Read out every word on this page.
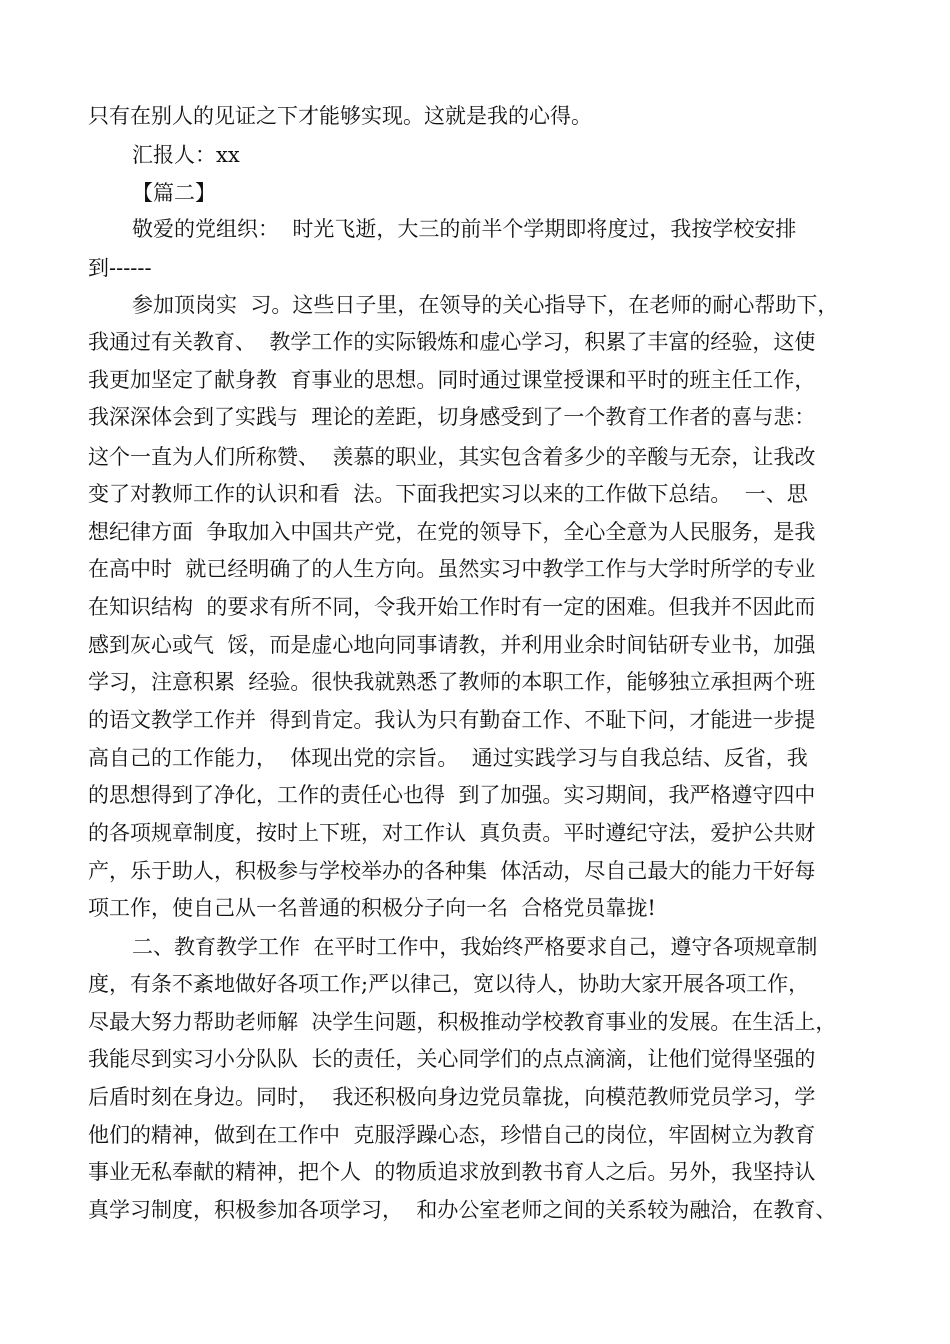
只有在别人的见证之下才能够实现。这就是我的心得。
汇报人：xx
【篇二】
敬爱的党组织：  时光飞逝，大三的前半个学期即将度过，我按学校安排
到------
参加顶岗实  习。这些日子里，在领导的关心指导下，在老师的耐心帮助下，
我通过有关教育、  教学工作的实际锻炼和虚心学习，积累了丰富的经验，这使
我更加坚定了献身教  育事业的思想。同时通过课堂授课和平时的班主任工作，
我深深体会到了实践与  理论的差距，切身感受到了一个教育工作者的喜与悲：
这个一直为人们所称赞、  羡慕的职业，其实包含着多少的辛酸与无奈，让我改
变了对教师工作的认识和看  法。下面我把实习以来的工作做下总结。  一、思
想纪律方面  争取加入中国共产党，在党的领导下，全心全意为人民服务，是我
在高中时  就已经明确了的人生方向。虽然实习中教学工作与大学时所学的专业
在知识结构  的要求有所不同，令我开始工作时有一定的困难。但我并不因此而
感到灰心或气  馁，而是虚心地向同事请教，并利用业余时间钻研专业书，加强
学习，注意积累  经验。很快我就熟悉了教师的本职工作，能够独立承担两个班
的语文教学工作并  得到肯定。我认为只有勤奋工作、不耻下问，才能进一步提
高自己的工作能力，  体现出党的宗旨。  通过实践学习与自我总结、反省，我
的思想得到了净化，工作的责任心也得  到了加强。实习期间，我严格遵守四中
的各项规章制度，按时上下班，对工作认  真负责。平时遵纪守法，爱护公共财
产，乐于助人，积极参与学校举办的各种集  体活动，尽自己最大的能力干好每
项工作，使自己从一名普通的积极分子向一名  合格党员靠拢!
二、教育教学工作  在平时工作中，我始终严格要求自己，遵守各项规章制
度，有条不紊地做好各项工作;严以律己，宽以待人，协助大家开展各项工作，
尽最大努力帮助老师解  决学生问题，积极推动学校教育事业的发展。在生活上，
我能尽到实习小分队队  长的责任，关心同学们的点点滴滴，让他们觉得坚强的
后盾时刻在身边。同时，  我还积极向身边党员靠拢，向模范教师党员学习，学
他们的精神，做到在工作中  克服浮躁心态，珍惜自己的岗位，牢固树立为教育
事业无私奉献的精神，把个人  的物质追求放到教书育人之后。另外，我坚持认
真学习制度，积极参加各项学习，  和办公室老师之间的关系较为融洽，在教育、
